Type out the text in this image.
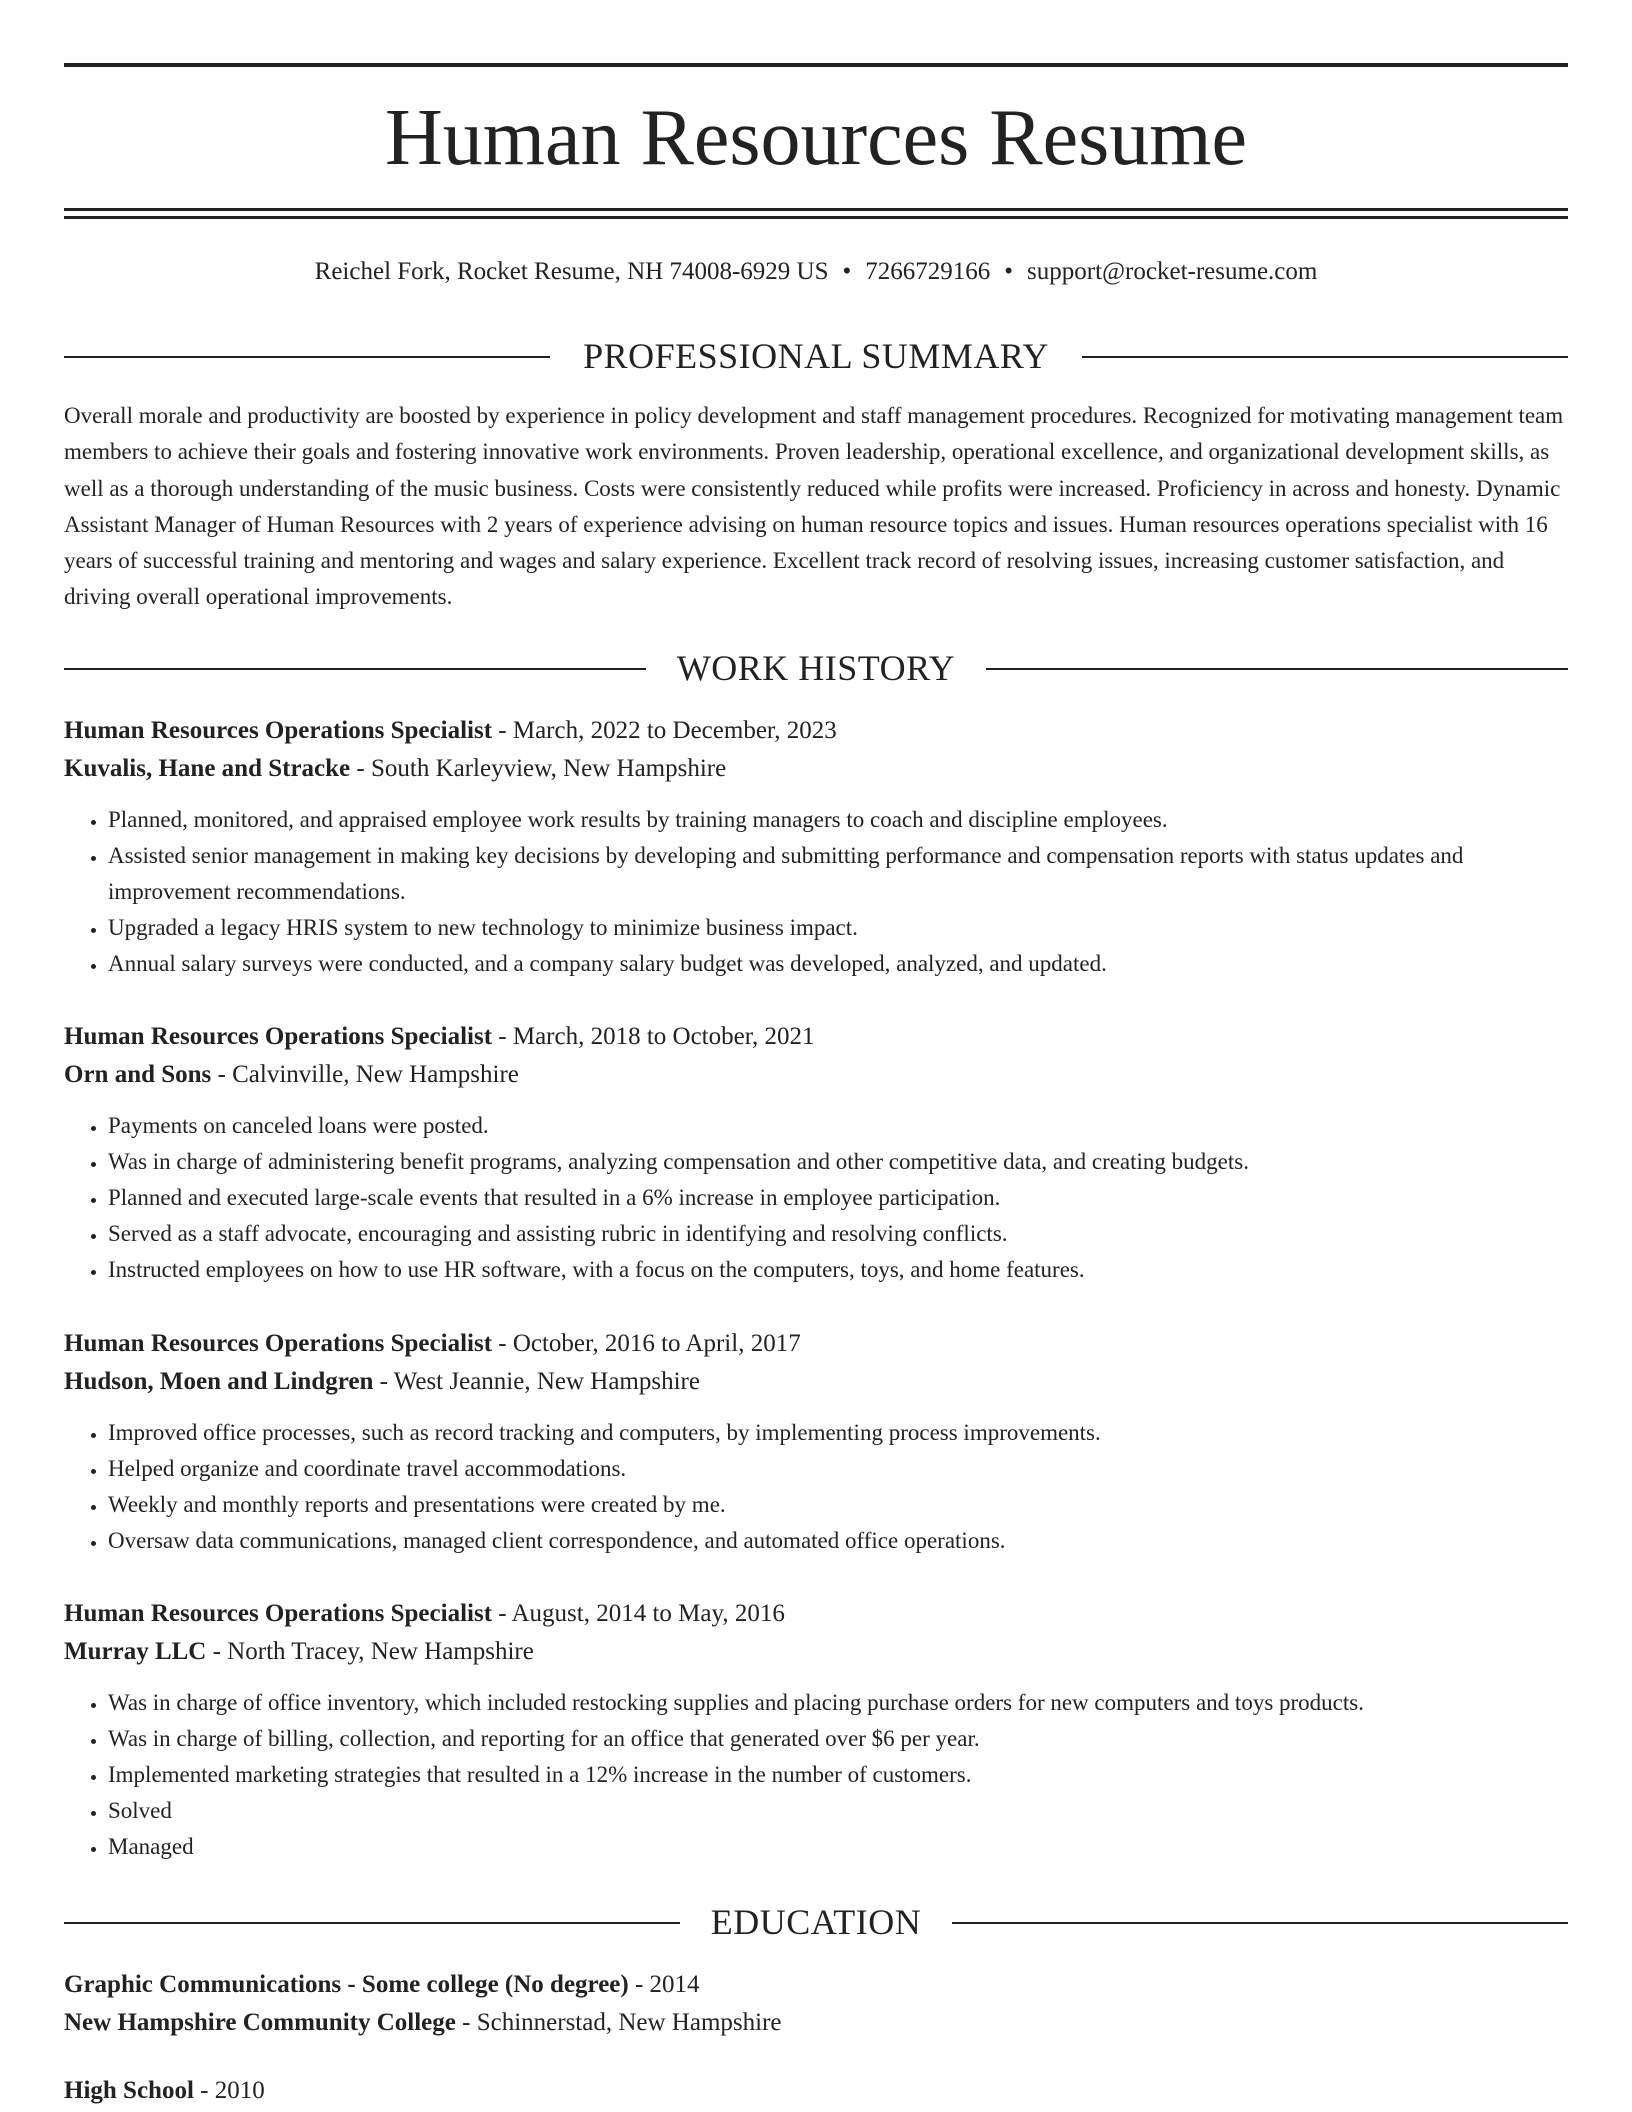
Human Resources Resume
Reichel Fork, Rocket Resume, NH 74008-6929 US • 7266729166 • support@rocket-resume.com
PROFESSIONAL SUMMARY

Overall morale and productivity are boosted by experience in policy development and staff management procedures. Recognized for motivating management team members to achieve their goals and fostering innovative work environments. Proven leadership, operational excellence, and organizational development skills, as well as a thorough understanding of the music business. Costs were consistently reduced while profits were increased. Proficiency in across and honesty. Dynamic Assistant Manager of Human Resources with 2 years of experience advising on human resource topics and issues. Human resources operations specialist with 16 years of successful training and mentoring and wages and salary experience. Excellent track record of resolving issues, increasing customer satisfaction, and driving overall operational improvements.

WORK HISTORY
Human Resources Operations Specialist - March, 2022 to December, 2023
Kuvalis, Hane and Stracke - South Karleyview, New Hampshire
• Planned, monitored, and appraised employee work results by training managers to coach and discipline employees.
• Assisted senior management in making key decisions by developing and submitting performance and compensation reports with status updates and improvement recommendations.
• Upgraded a legacy HRIS system to new technology to minimize business impact.
• Annual salary surveys were conducted, and a company salary budget was developed, analyzed, and updated.
Human Resources Operations Specialist - March, 2018 to October, 2021
Orn and Sons - Calvinville, New Hampshire
• Payments on canceled loans were posted.
• Was in charge of administering benefit programs, analyzing compensation and other competitive data, and creating budgets.
• Planned and executed large-scale events that resulted in a 6% increase in employee participation.
• Served as a staff advocate, encouraging and assisting rubric in identifying and resolving conflicts.
• Instructed employees on how to use HR software, with a focus on the computers, toys, and home features.
Human Resources Operations Specialist - October, 2016 to April, 2017
Hudson, Moen and Lindgren - West Jeannie, New Hampshire
• Improved office processes, such as record tracking and computers, by implementing process improvements.
• Helped organize and coordinate travel accommodations.
• Weekly and monthly reports and presentations were created by me.
• Oversaw data communications, managed client correspondence, and automated office operations.
Human Resources Operations Specialist - August, 2014 to May, 2016
Murray LLC - North Tracey, New Hampshire
• Was in charge of office inventory, which included restocking supplies and placing purchase orders for new computers and toys products.
• Was in charge of billing, collection, and reporting for an office that generated over $6 per year.
• Implemented marketing strategies that resulted in a 12% increase in the number of customers.
• Solved
• Managed
EDUCATION
Graphic Communications - Some college (No degree) - 2014
New Hampshire Community College - Schinnerstad, New Hampshire
High School - 2010
